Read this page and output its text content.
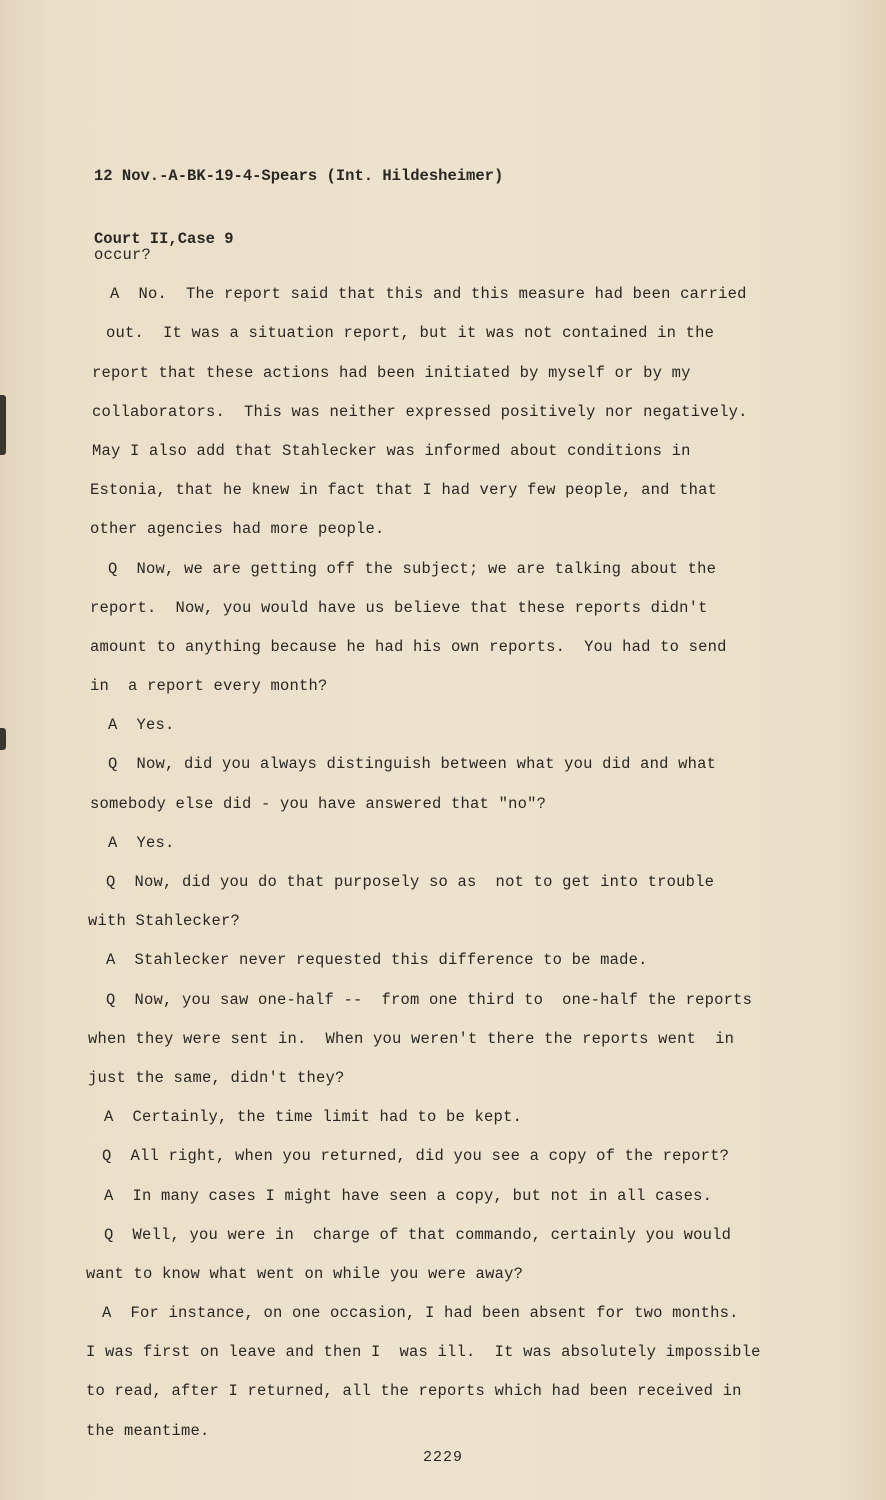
12 Nov.-A-BK-19-4-Spears (Int. Hildesheimer)

Court II,Case 9

occur?
A  No.  The report said that this and this measure had been carried
out.  It was a situation report, but it was not contained in the
report that these actions had been initiated by myself or by my
collaborators.  This was neither expressed positively nor negatively.
May I also add that Stahlecker was informed about conditions in
Estonia, that he knew in fact that I had very few people, and that
other agencies had more people.
Q  Now, we are getting off the subject; we are talking about the
report.  Now, you would have us believe that these reports didn't
amount to anything because he had his own reports.  You had to send
in  a report every month?
A  Yes.
Q  Now, did you always distinguish between what you did and what
somebody else did - you have answered that "no"?
A  Yes.
Q  Now, did you do that purposely so as  not to get into trouble
with Stahlecker?
A  Stahlecker never requested this difference to be made.
Q  Now, you saw one-half --  from one third to  one-half the reports
when they were sent in.  When you weren't there the reports went  in
just the same, didn't they?
A  Certainly, the time limit had to be kept.
Q  All right, when you returned, did you see a copy of the report?
A  In many cases I might have seen a copy, but not in all cases.
Q  Well, you were in  charge of that commando, certainly you would
want to know what went on while you were away?
A  For instance, on one occasion, I had been absent for two months.
I was first on leave and then I  was ill.  It was absolutely impossible
to read, after I returned, all the reports which had been received in
the meantime.
2229
